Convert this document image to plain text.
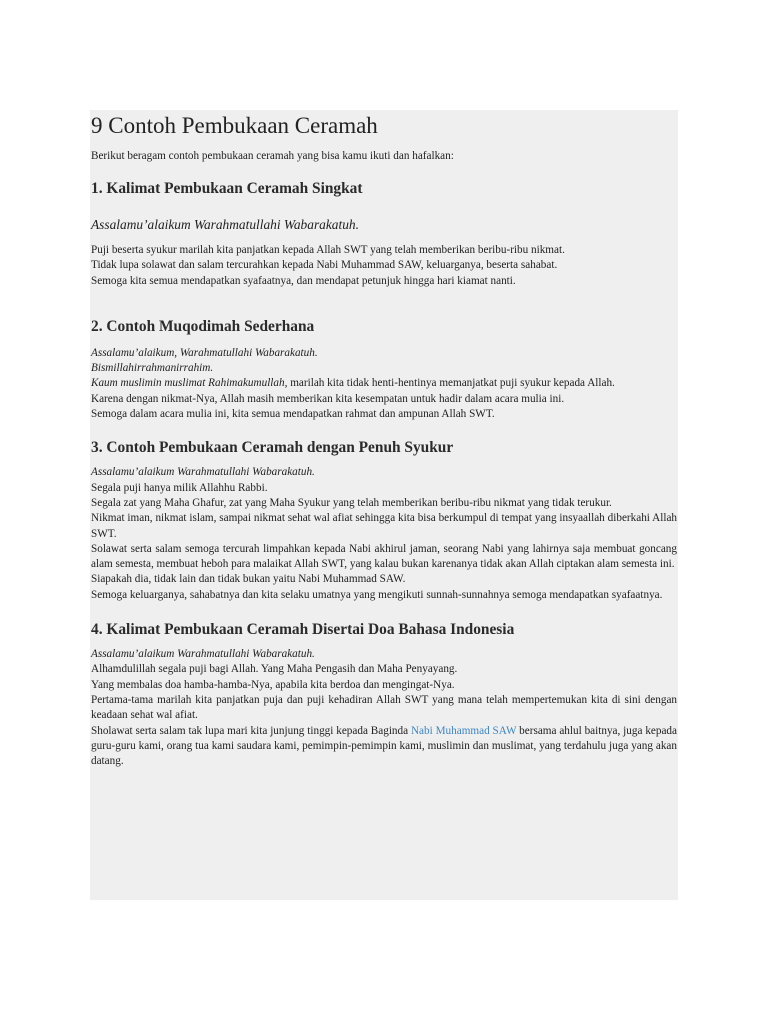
9 Contoh Pembukaan Ceramah

Berikut beragam contoh pembukaan ceramah yang bisa kamu ikuti dan hafalkan:

1. Kalimat Pembukaan Ceramah Singkat
Assalamu’alaikum Warahmatullahi Wabarakatuh.

Puji beserta syukur marilah kita panjatkan kepada Allah SWT yang telah memberikan beribu-ribu nikmat.

Tidak lupa solawat dan salam tercurahkan kepada Nabi Muhammad SAW, keluarganya, beserta sahabat.

Semoga kita semua mendapatkan syafaatnya, dan mendapat petunjuk hingga hari kiamat nanti.

2. Contoh Muqodimah Sederhana

Assalamu’alaikum, Warahmatullahi Wabarakatuh.

Bismillahirrahmanirrahim.

Kaum muslimin muslimat Rahimakumullah, marilah kita tidak henti-hentinya memanjatkat puji syukur kepada Allah.

Karena dengan nikmat-Nya, Allah masih memberikan kita kesempatan untuk hadir dalam acara mulia ini.

Semoga dalam acara mulia ini, kita semua mendapatkan rahmat dan ampunan Allah SWT.

3. Contoh Pembukaan Ceramah dengan Penuh Syukur

Assalamu’alaikum Warahmatullahi Wabarakatuh.

Segala puji hanya milik Allahhu Rabbi.

Segala zat yang Maha Ghafur, zat yang Maha Syukur yang telah memberikan beribu-ribu nikmat yang tidak terukur.

Nikmat iman, nikmat islam, sampai nikmat sehat wal afiat sehingga kita bisa berkumpul di tempat yang insyaallah diberkahi Allah SWT.

Solawat serta salam semoga tercurah limpahkan kepada Nabi akhirul jaman, seorang Nabi yang lahirnya saja membuat goncang alam semesta, membuat heboh para malaikat Allah SWT, yang kalau bukan karenanya tidak akan Allah ciptakan alam semesta ini.

Siapakah dia, tidak lain dan tidak bukan yaitu Nabi Muhammad SAW.

Semoga keluarganya, sahabatnya dan kita selaku umatnya yang mengikuti sunnah-sunnahnya semoga mendapatkan syafaatnya.

4. Kalimat Pembukaan Ceramah Disertai Doa Bahasa Indonesia

Assalamu’alaikum Warahmatullahi Wabarakatuh.

Alhamdulillah segala puji bagi Allah. Yang Maha Pengasih dan Maha Penyayang.

Yang membalas doa hamba-hamba-Nya, apabila kita berdoa dan mengingat-Nya.

Pertama-tama marilah kita panjatkan puja dan puji kehadiran Allah SWT yang mana telah mempertemukan kita di sini dengan keadaan sehat wal afiat.

Sholawat serta salam tak lupa mari kita junjung tinggi kepada Baginda Nabi Muhammad SAW bersama ahlul baitnya, juga kepada guru-guru kami, orang tua kami saudara kami, pemimpin-pemimpin kami, muslimin dan muslimat, yang terdahulu juga yang akan datang.
